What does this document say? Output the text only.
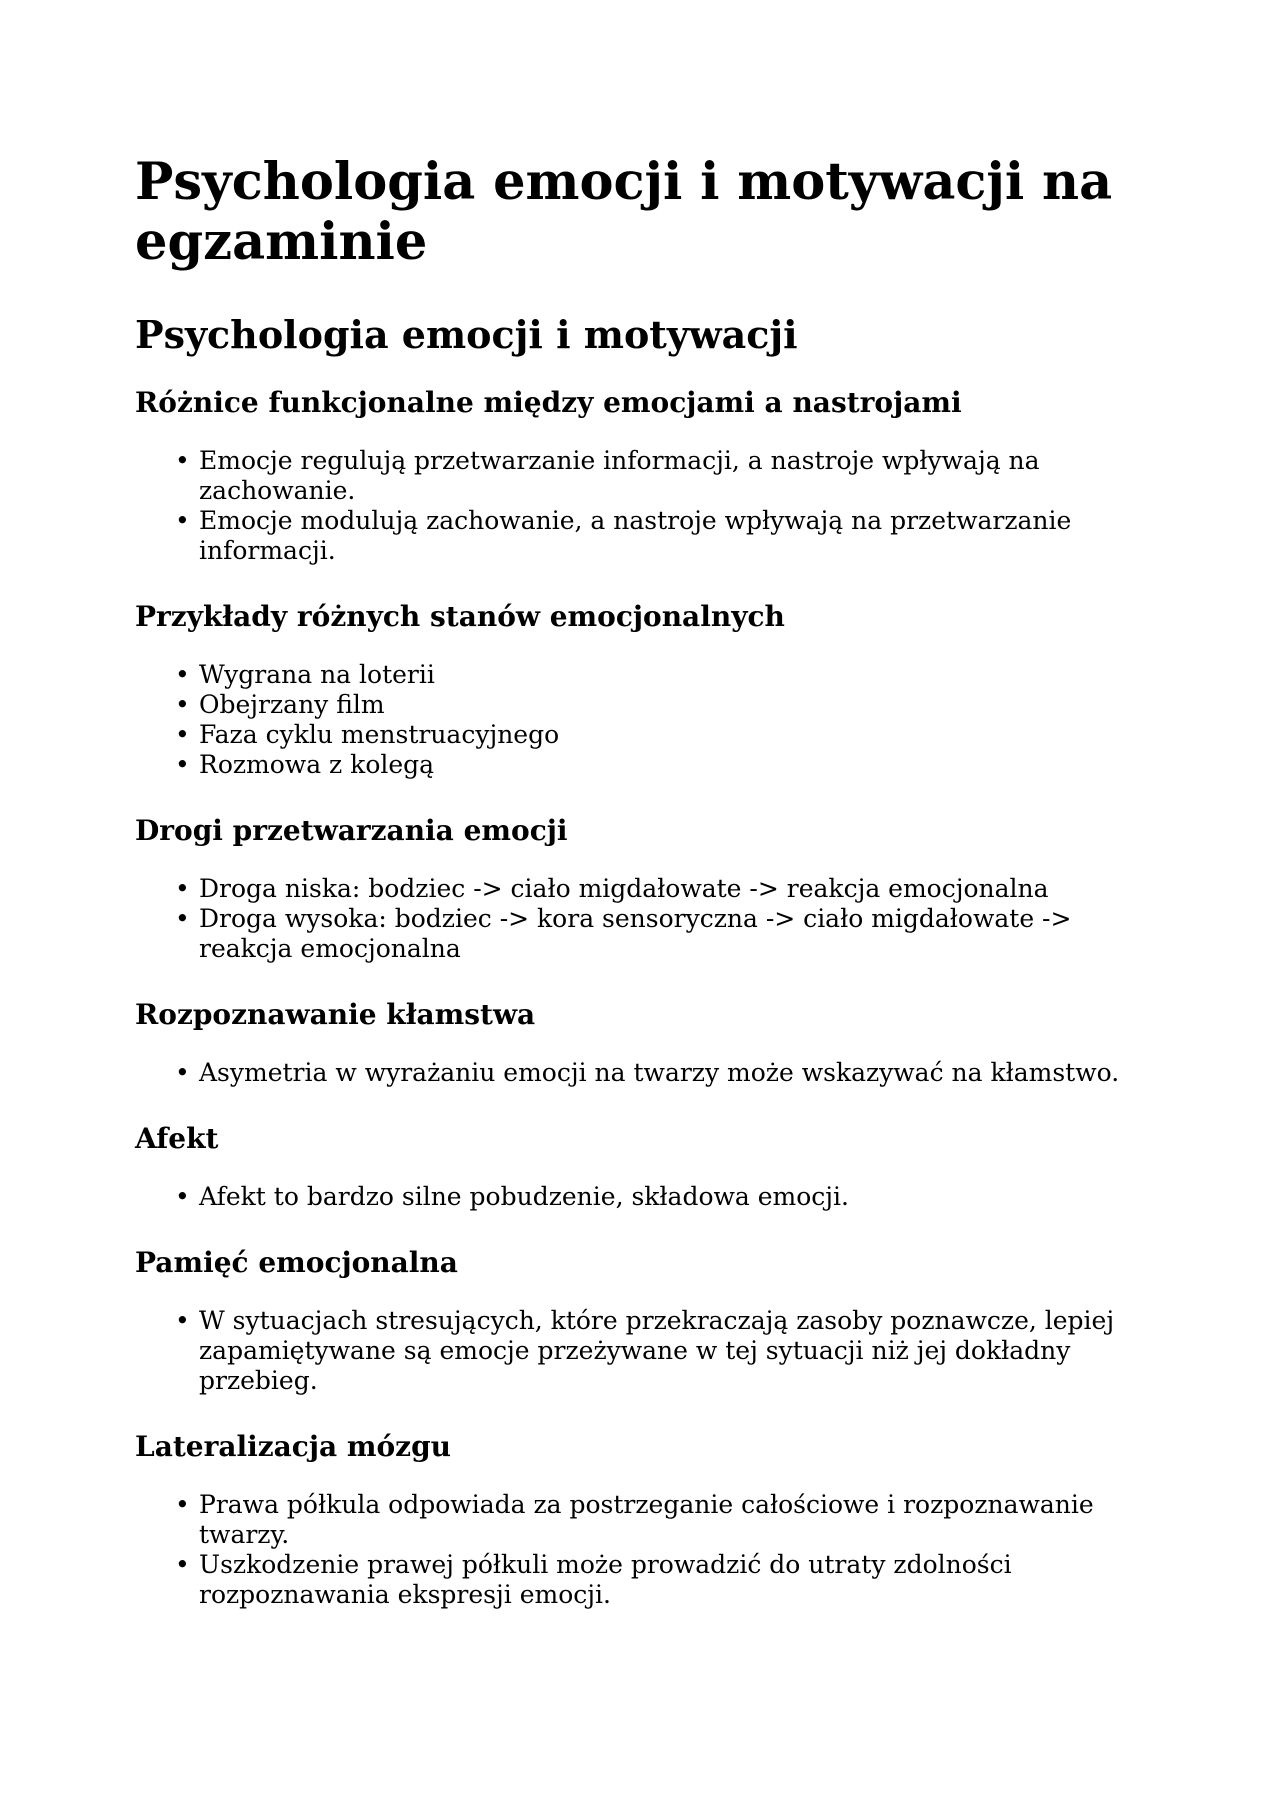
Psychologia emocji i motywacji na egzaminie
Psychologia emocji i motywacji
Różnice funkcjonalne między emocjami a nastrojami
• Emocje regulują przetwarzanie informacji, a nastroje wpływają na zachowanie.
• Emocje modulują zachowanie, a nastroje wpływają na przetwarzanie informacji.
Przykłady różnych stanów emocjonalnych
• Wygrana na loterii
• Obejrzany film
• Faza cyklu menstruacyjnego
• Rozmowa z kolegą
Drogi przetwarzania emocji
• Droga niska: bodziec -> ciało migdałowate -> reakcja emocjonalna
• Droga wysoka: bodziec -> kora sensoryczna -> ciało migdałowate -> reakcja emocjonalna
Rozpoznawanie kłamstwa
• Asymetria w wyrażaniu emocji na twarzy może wskazywać na kłamstwo.
Afekt
• Afekt to bardzo silne pobudzenie, składowa emocji.
Pamięć emocjonalna
• W sytuacjach stresujących, które przekraczają zasoby poznawcze, lepiej zapamiętywane są emocje przeżywane w tej sytuacji niż jej dokładny przebieg.
Lateralizacja mózgu
• Prawa półkula odpowiada za postrzeganie całościowe i rozpoznawanie twarzy.
• Uszkodzenie prawej półkuli może prowadzić do utraty zdolności rozpoznawania ekspresji emocji.
